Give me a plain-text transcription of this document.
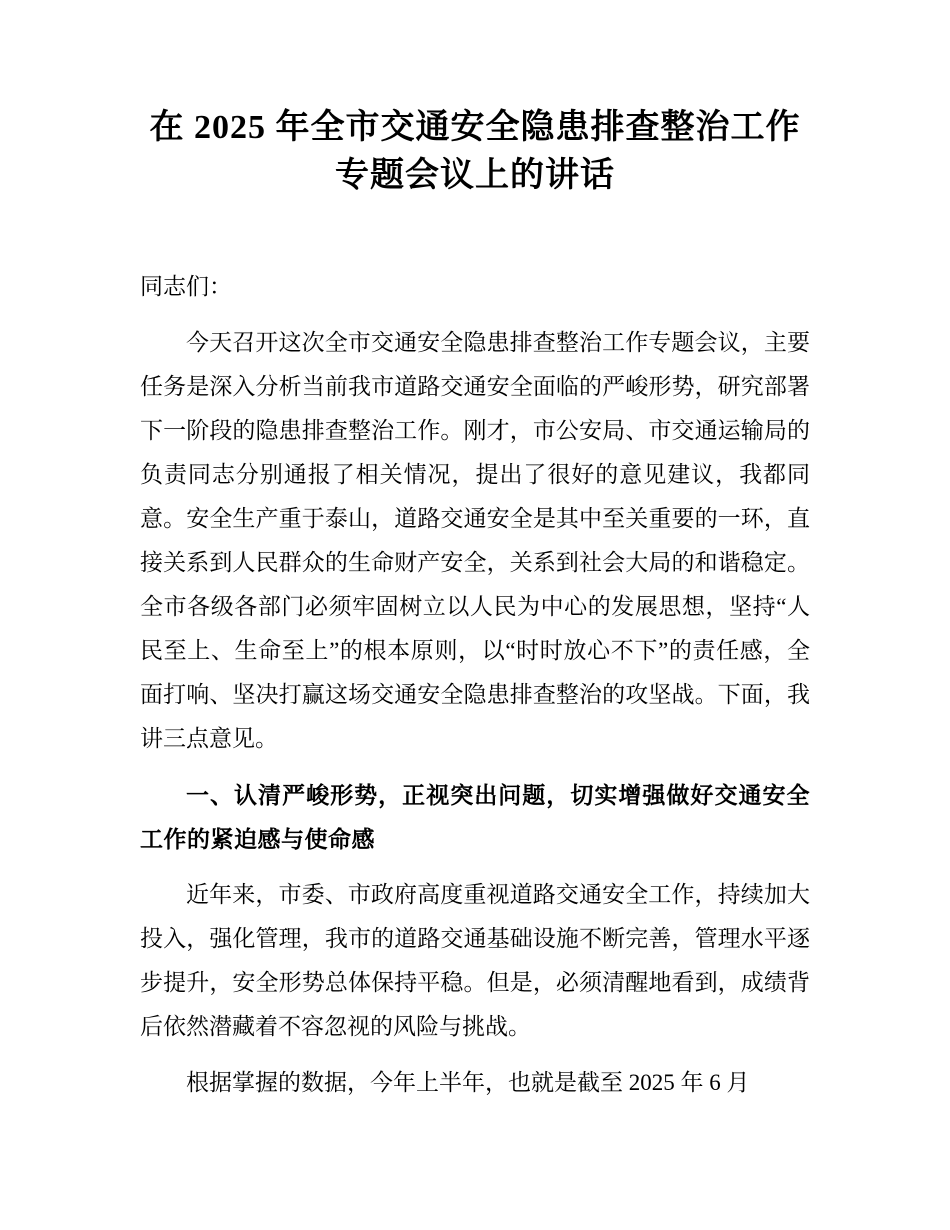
在 2025 年全市交通安全隐患排查整治工作专题会议上的讲话

同志们：

今天召开这次全市交通安全隐患排查整治工作专题会议，主要任务是深入分析当前我市道路交通安全面临的严峻形势，研究部署下一阶段的隐患排查整治工作。刚才，市公安局、市交通运输局的负责同志分别通报了相关情况，提出了很好的意见建议，我都同意。安全生产重于泰山，道路交通安全是其中至关重要的一环，直接关系到人民群众的生命财产安全，关系到社会大局的和谐稳定。全市各级各部门必须牢固树立以人民为中心的发展思想，坚持“人民至上、生命至上”的根本原则，以“时时放心不下”的责任感，全面打响、坚决打赢这场交通安全隐患排查整治的攻坚战。下面，我讲三点意见。

一、认清严峻形势，正视突出问题，切实增强做好交通安全工作的紧迫感与使命感

近年来，市委、市政府高度重视道路交通安全工作，持续加大投入，强化管理，我市的道路交通基础设施不断完善，管理水平逐步提升，安全形势总体保持平稳。但是，必须清醒地看到，成绩背后依然潜藏着不容忽视的风险与挑战。

根据掌握的数据，今年上半年，也就是截至 2025 年 6 月
